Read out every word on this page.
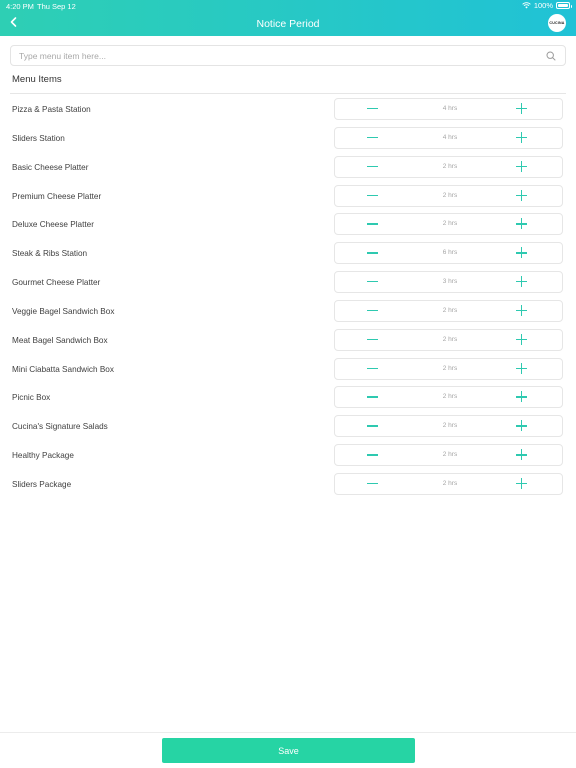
4:20 PM Thu Sep 12	100%
Notice Period	CUCINA
Type menu item here...
Menu Items
Pizza & Pasta Station	4 hrs
Sliders Station	4 hrs
Basic Cheese Platter	2 hrs
Premium Cheese Platter	2 hrs
Deluxe Cheese Platter	2 hrs
Steak & Ribs Station	6 hrs
Gourmet Cheese Platter	3 hrs
Veggie Bagel Sandwich Box	2 hrs
Meat Bagel Sandwich Box	2 hrs
Mini Ciabatta Sandwich Box	2 hrs
Picnic Box	2 hrs
Cucina's Signature Salads	2 hrs
Healthy Package	2 hrs
Sliders Package	2 hrs
Save
